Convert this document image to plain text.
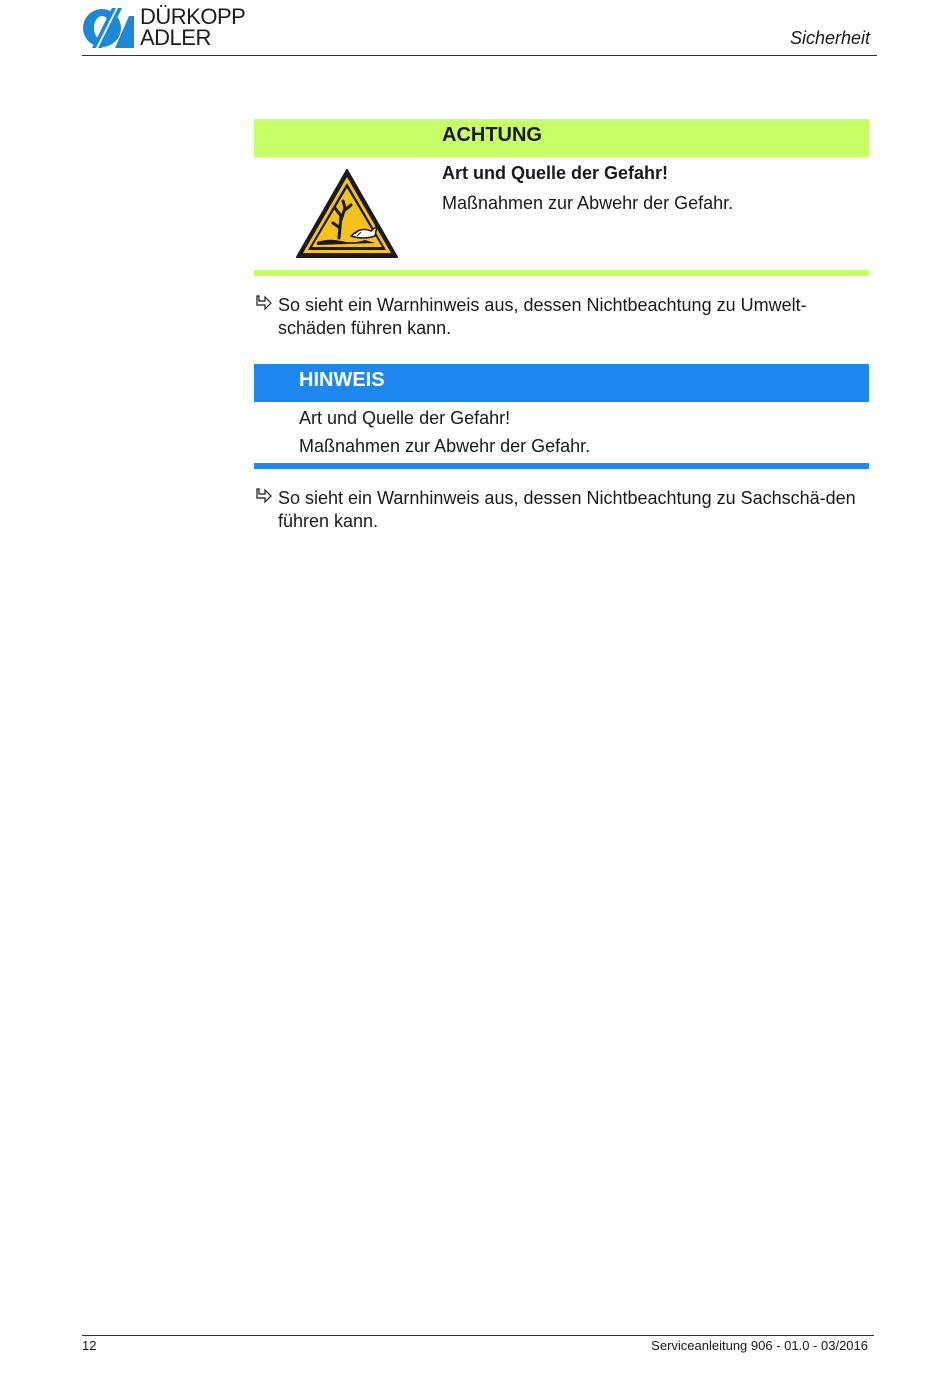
DÜRKOPP
ADLER	Sicherheit
ACHTUNG
Art und Quelle der Gefahr!
Maßnahmen zur Abwehr der Gefahr.
So sieht ein Warnhinweis aus, dessen Nichtbeachtung zu Umwelt-schäden führen kann.
HINWEIS
Art und Quelle der Gefahr!
Maßnahmen zur Abwehr der Gefahr.
So sieht ein Warnhinweis aus, dessen Nichtbeachtung zu Sachschä-den führen kann.
12	Serviceanleitung 906 - 01.0 - 03/2016
